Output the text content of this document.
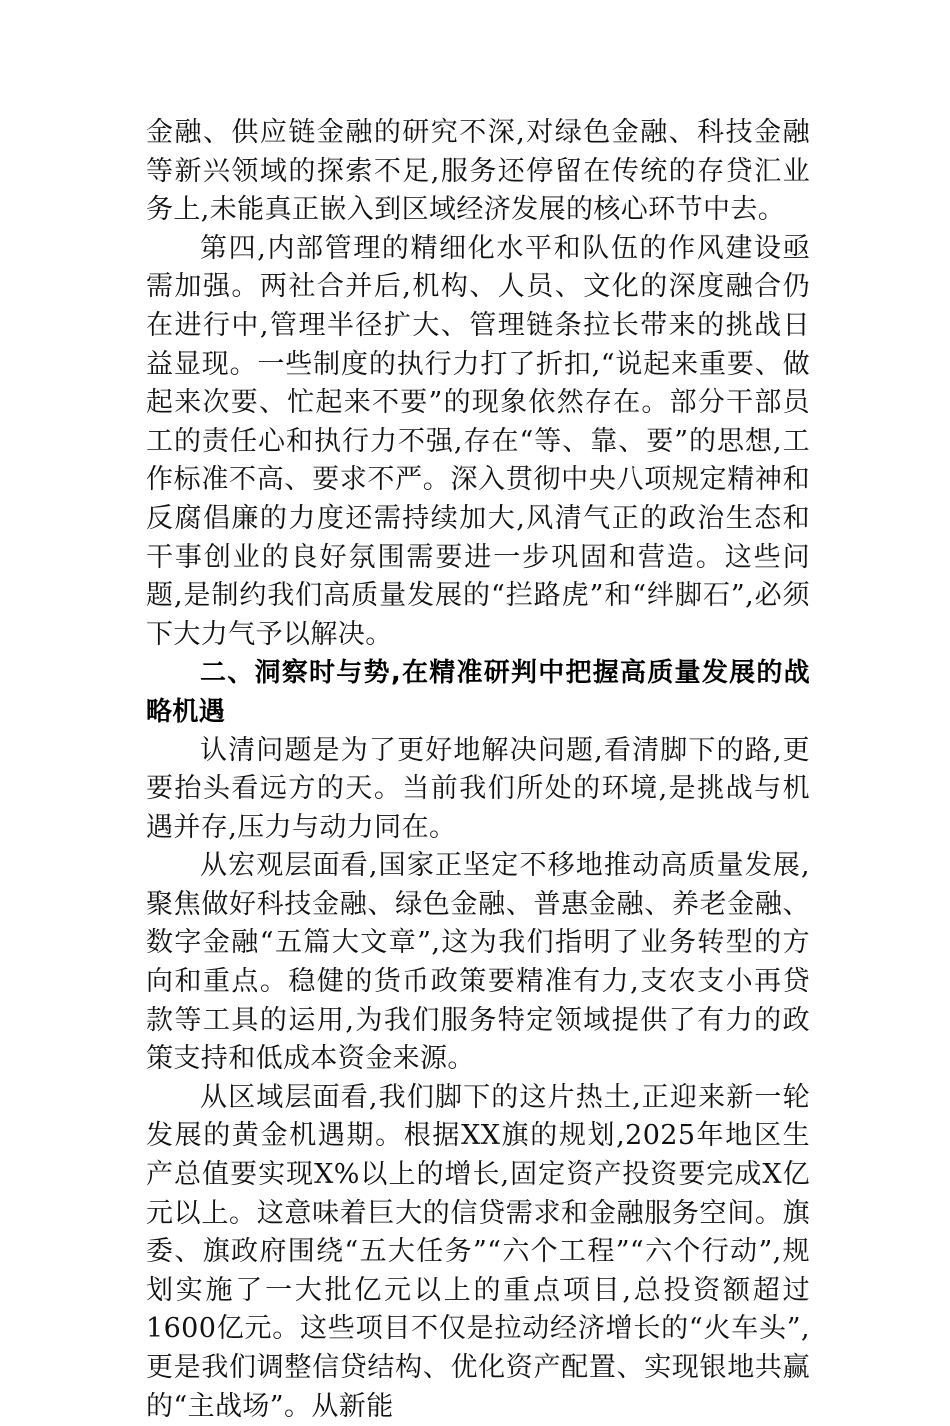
金融、供应链金融的研究不深,对绿色金融、科技金融等新兴领域的探索不足,服务还停留在传统的存贷汇业务上,未能真正嵌入到区域经济发展的核心环节中去。

第四,内部管理的精细化水平和队伍的作风建设亟需加强。两社合并后,机构、人员、文化的深度融合仍在进行中,管理半径扩大、管理链条拉长带来的挑战日益显现。一些制度的执行力打了折扣,“说起来重要、做起来次要、忙起来不要”的现象依然存在。部分干部员工的责任心和执行力不强,存在“等、靠、要”的思想,工作标准不高、要求不严。深入贯彻中央八项规定精神和反腐倡廉的力度还需持续加大,风清气正的政治生态和干事创业的良好氛围需要进一步巩固和营造。这些问题,是制约我们高质量发展的“拦路虎”和“绊脚石”,必须下大力气予以解决。

二、洞察时与势,在精准研判中把握高质量发展的战略机遇

认清问题是为了更好地解决问题,看清脚下的路,更要抬头看远方的天。当前我们所处的环境,是挑战与机遇并存,压力与动力同在。

从宏观层面看,国家正坚定不移地推动高质量发展,聚焦做好科技金融、绿色金融、普惠金融、养老金融、数字金融“五篇大文章”,这为我们指明了业务转型的方向和重点。稳健的货币政策要精准有力,支农支小再贷款等工具的运用,为我们服务特定领域提供了有力的政策支持和低成本资金来源。

从区域层面看,我们脚下的这片热土,正迎来新一轮发展的黄金机遇期。根据XX旗的规划,2025年地区生产总值要实现X%以上的增长,固定资产投资要完成X亿元以上。这意味着巨大的信贷需求和金融服务空间。旗委、旗政府围绕“五大任务”“六个工程”“六个行动”,规划实施了一大批亿元以上的重点项目,总投资额超过1600亿元。这些项目不仅是拉动经济增长的“火车头”,更是我们调整信贷结构、优化资产配置、实现银地共赢的“主战场”。从新能
